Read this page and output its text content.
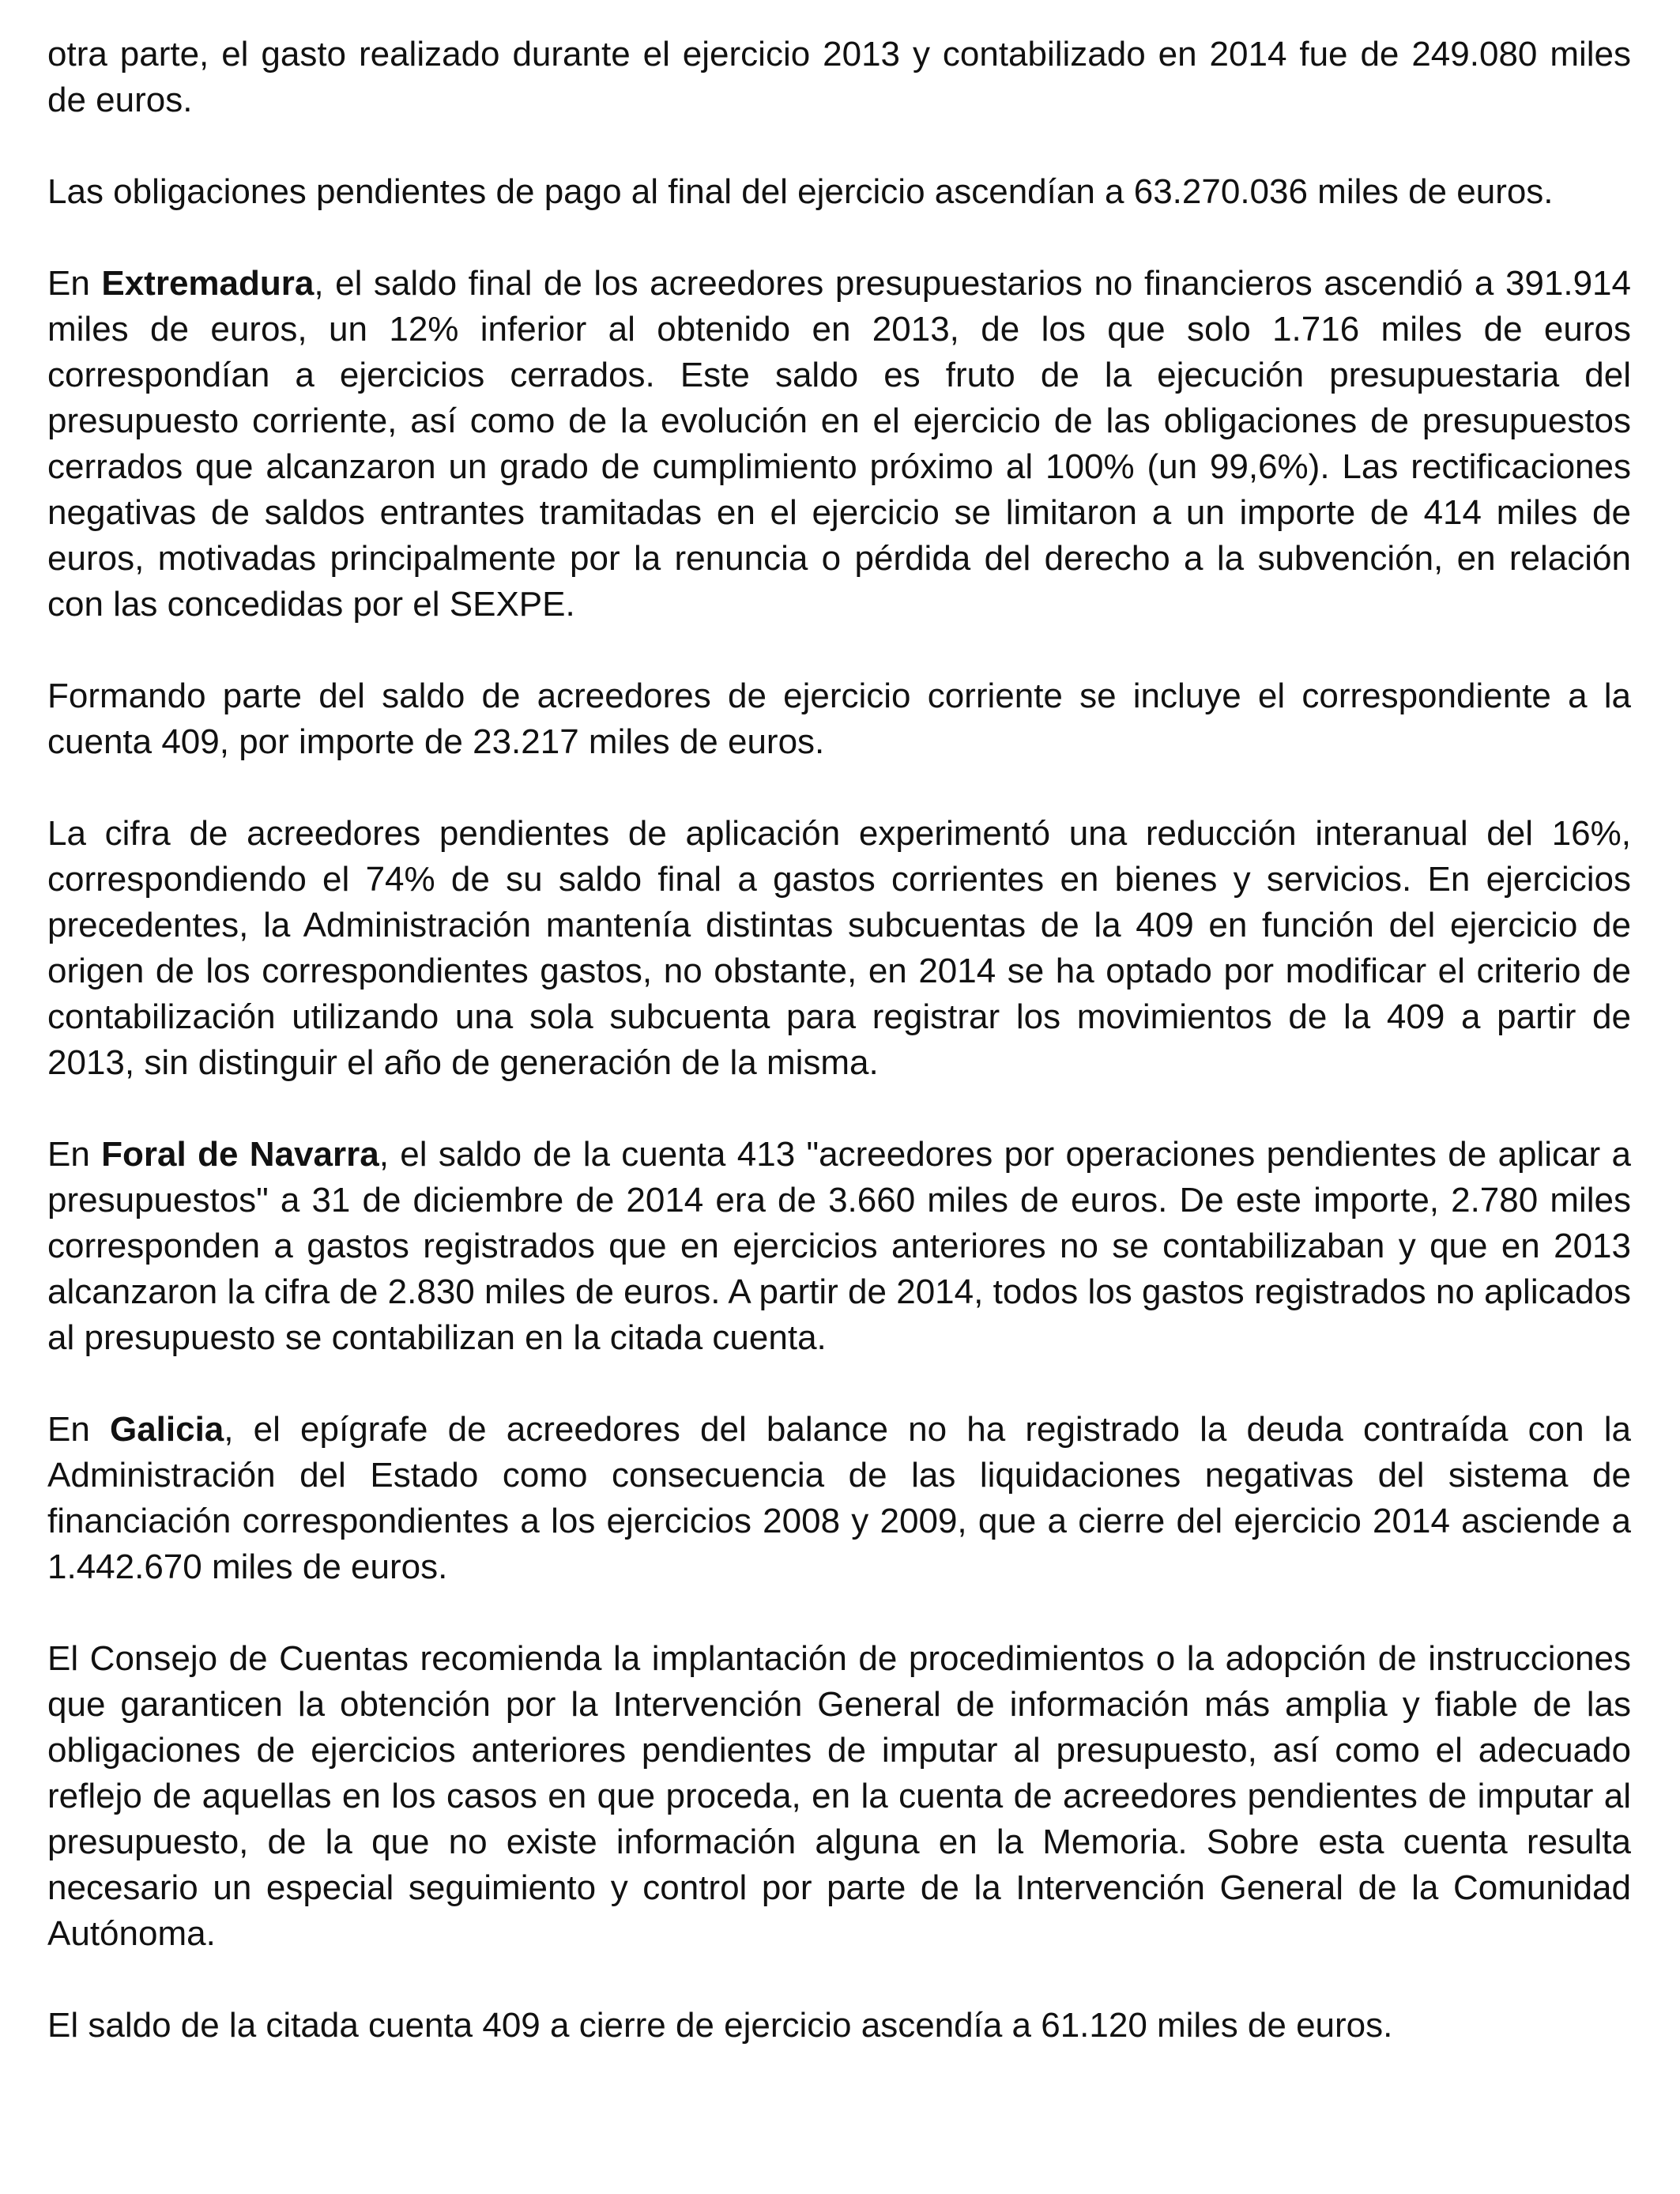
otra parte, el gasto realizado durante el ejercicio 2013 y contabilizado en 2014 fue de 249.080 miles de euros.

Las obligaciones pendientes de pago al final del ejercicio ascendían a 63.270.036 miles de euros.

En Extremadura, el saldo final de los acreedores presupuestarios no financieros ascendió a 391.914 miles de euros, un 12% inferior al obtenido en 2013, de los que solo 1.716 miles de euros correspondían a ejercicios cerrados. Este saldo es fruto de la ejecución presupuestaria del presupuesto corriente, así como de la evolución en el ejercicio de las obligaciones de presupuestos cerrados que alcanzaron un grado de cumplimiento próximo al 100% (un 99,6%). Las rectificaciones negativas de saldos entrantes tramitadas en el ejercicio se limitaron a un importe de 414 miles de euros, motivadas principalmente por la renuncia o pérdida del derecho a la subvención, en relación con las concedidas por el SEXPE.

Formando parte del saldo de acreedores de ejercicio corriente se incluye el correspondiente a la cuenta 409, por importe de 23.217 miles de euros.

La cifra de acreedores pendientes de aplicación experimentó una reducción interanual del 16%, correspondiendo el 74% de su saldo final a gastos corrientes en bienes y servicios. En ejercicios precedentes, la Administración mantenía distintas subcuentas de la 409 en función del ejercicio de origen de los correspondientes gastos, no obstante, en 2014 se ha optado por modificar el criterio de contabilización utilizando una sola subcuenta para registrar los movimientos de la 409 a partir de 2013, sin distinguir el año de generación de la misma.

En Foral de Navarra, el saldo de la cuenta 413 "acreedores por operaciones pendientes de aplicar a presupuestos" a 31 de diciembre de 2014 era de 3.660 miles de euros. De este importe, 2.780 miles corresponden a gastos registrados que en ejercicios anteriores no se contabilizaban y que en 2013 alcanzaron la cifra de 2.830 miles de euros. A partir de 2014, todos los gastos registrados no aplicados al presupuesto se contabilizan en la citada cuenta.

En Galicia, el epígrafe de acreedores del balance no ha registrado la deuda contraída con la Administración del Estado como consecuencia de las liquidaciones negativas del sistema de financiación correspondientes a los ejercicios 2008 y 2009, que a cierre del ejercicio 2014 asciende a 1.442.670 miles de euros.

El Consejo de Cuentas recomienda la implantación de procedimientos o la adopción de instrucciones que garanticen la obtención por la Intervención General de información más amplia y fiable de las obligaciones de ejercicios anteriores pendientes de imputar al presupuesto, así como el adecuado reflejo de aquellas en los casos en que proceda, en la cuenta de acreedores pendientes de imputar al presupuesto, de la que no existe información alguna en la Memoria. Sobre esta cuenta resulta necesario un especial seguimiento y control por parte de la Intervención General de la Comunidad Autónoma.

El saldo de la citada cuenta 409 a cierre de ejercicio ascendía a 61.120 miles de euros.
